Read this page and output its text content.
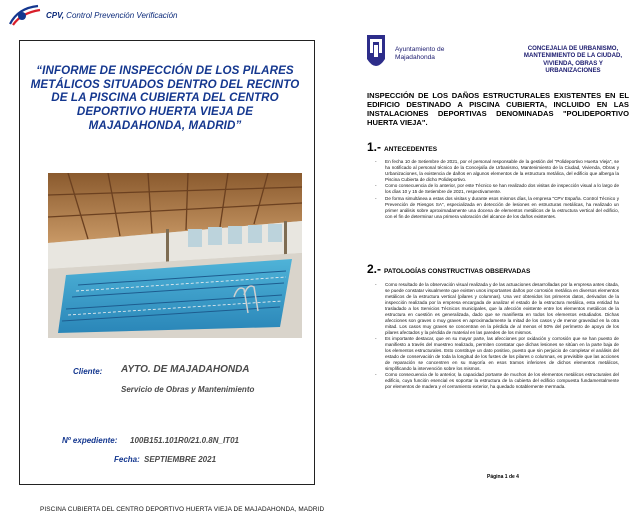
CPV, Control Prevención Verificación
“INFORME DE INSPECCIÓN DE LOS PILARES METÁLICOS SITUADOS DENTRO DEL RECINTO DE LA PISCINA CUBIERTA DEL CENTRO DEPORTIVO HUERTA VIEJA DE MAJADAHONDA, MADRID”
Cliente: AYTO. DE MAJADAHONDA
Servicio de Obras y Mantenimiento
Nº expediente: 100B151.101R0/21.0.8N_IT01
Fecha: SEPTIEMBRE 2021
PISCINA CUBIERTA DEL CENTRO DEPORTIVO HUERTA VIEJA DE MAJADAHONDA, MADRID
Ayuntamiento de
Majadahonda
CONCEJALIA DE URBANISMO,
MANTENIMIENTO DE LA CIUDAD,
VIVIENDA, OBRAS Y
URBANIZACIONES
INSPECCIÓN DE LOS DAÑOS ESTRUCTURALES EXISTENTES EN EL EDIFICIO DESTINADO A PISCINA CUBIERTA, INCLUIDO EN LAS INSTALACIONES DEPORTIVAS DENOMINADAS "POLIDEPORTIVO HUERTA VIEJA".
1.- ANTECEDENTES
- En fecha 10 de Setiembre de 2021, por el personal responsable de la gestión del "Polideportivo Huerta Vieja", se ha notificado al personal técnico de la Concejalía de Urbanismo, Mantenimiento de la Ciudad, Vivienda, Obras y Urbanizaciones, la existencia de daños en algunos elementos de la estructura metálica, del edificio que alberga la Piscina Cubierta de dicho Polideportivo.
- Como consecuencia de lo anterior, por este Técnico se han realizado dos visitas de inspección visual a lo largo de los días 10 y 15 de Setiembre de 2021, respectivamente.
- De forma simultánea a estas dos visitas y durante esos mismos días, la empresa "CPV España. Control Técnico y Prevención de Riesgos SA", especializada en detección de lesiones en estructuras metálicas, ha realizado un primer análisis sobre aproximadamente una docena de elementos metálicos de la estructura vertical del edificio, con el fin de determinar una primera valoración del alcance de los daños existentes.
2.- PATOLOGÍAS CONSTRUCTIVAS OBSERVADAS
- Como resultado de la observación visual realizada y de las actuaciones desarrolladas por la empresa antes citada, se puede constatar visualmente que existen unos importantes daños por corrosión metálica en diversos elementos metálicos de la estructura vertical (pilares y columnas). Una vez obtenidos los primeros datos, derivados de la inspección realizada por la empresa encargada de analizar el estado de la estructura metálica, esta entidad ha trasladado a los Servicios Técnicos municipales, que la afección existente entre los elementos metálicos de la estructura en cuestión es generalizada, dado que se manifiesta en todos los elementos estudiados. Dichas afecciones son graves o muy graves en aproximadamente la mitad de los casos y de menor gravedad en la otra mitad. Los casos muy graves se concentran en la pérdida de al menos el 50% del perímetro de apoyo de los pilares afectados y la pérdida de material en las paredes de los mismos.
- Es importante destacar, que en su mayor parte, las afecciones por oxidación y corrosión que se han puesto de manifiesto a través del muestreo realizado, permiten constatar que dichas lesiones se sitúan en la parte baja de los elementos estructurales. Esto constituye un dato positivo, puesto que sin perjuicio de completar el análisis del estado de conservación de toda la longitud de los fustes de los pilares o columnas, es previsible que las acciones de reparación se concentren en su mayoría en esos tramos inferiores de dichos elementos metálicos, simplificando la intervención sobre los mismos.
- Como consecuencia de lo anterior, la capacidad portante de muchos de los elementos metálicos estructurales del edificio, cuya función esencial es soportar la estructura de la cubierta del edificio compuesta fundamentalmente por elementos de madera y el cerramiento exterior, ha quedado notablemente mermada.
Página 1 de 4
